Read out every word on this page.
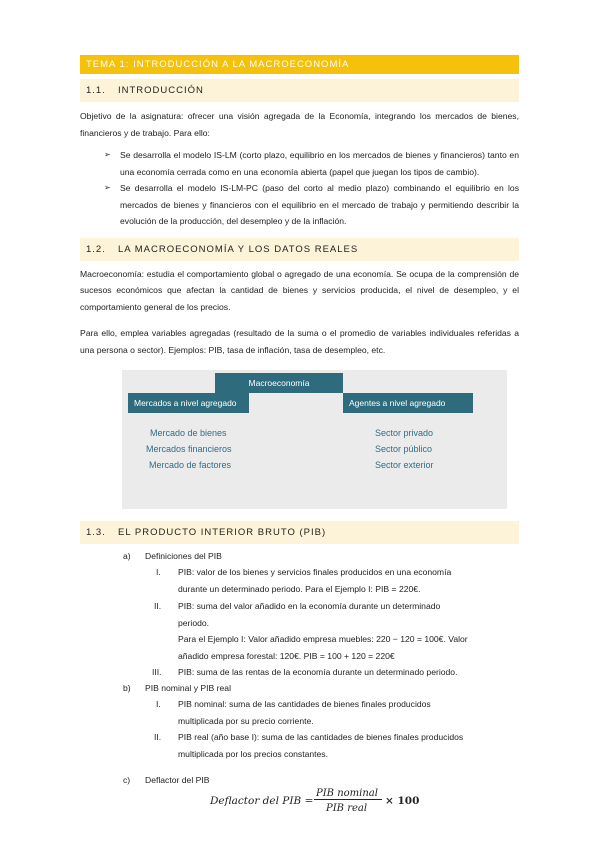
TEMA 1: INTRODUCCIÓN A LA MACROECONOMÍA
1.1. INTRODUCCIÓN

Objetivo de la asignatura: ofrecer una visión agregada de la Economía, integrando los mercados de bienes, financieros y de trabajo. Para ello:

➢ Se desarrolla el modelo IS-LM (corto plazo, equilibrio en los mercados de bienes y financieros) tanto en una economía cerrada como en una economía abierta (papel que juegan los tipos de cambio).
➢ Se desarrolla el modelo IS-LM-PC (paso del corto al medio plazo) combinando el equilibrio en los mercados de bienes y financieros con el equilibrio en el mercado de trabajo y permitiendo describir la evolución de la producción, del desempleo y de la inflación.
1.2. LA MACROECONOMÍA Y LOS DATOS REALES

Macroeconomía: estudia el comportamiento global o agregado de una economía. Se ocupa de la comprensión de sucesos económicos que afectan la cantidad de bienes y servicios producida, el nivel de desempleo, y el comportamiento general de los precios.

Para ello, emplea variables agregadas (resultado de la suma o el promedio de variables individuales referidas a una persona o sector). Ejemplos: PIB, tasa de inflación, tasa de desempleo, etc.

Macroeconomía
Mercados a nivel agregado	Agentes a nivel agregado
Mercado de bienes
Mercados financieros
Mercado de factores
Sector privado
Sector público
Sector exterior
1.3. EL PRODUCTO INTERIOR BRUTO (PIB)
a) Definiciones del PIB
I. PIB: valor de los bienes y servicios finales producidos en una economía
durante un determinado periodo. Para el Ejemplo I: PIB = 220€.
II. PIB: suma del valor añadido en la economía durante un determinado
periodo.
Para el Ejemplo I: Valor añadido empresa muebles: 220 − 120 = 100€. Valor
añadido empresa forestal: 120€. PIB = 100 + 120 = 220€
III. PIB: suma de las rentas de la economía durante un determinado periodo.
b) PIB nominal y PIB real
I. PIB nominal: suma de las cantidades de bienes finales producidos
multiplicada por su precio corriente.
II. PIB real (año base I): suma de las cantidades de bienes finales producidos
multiplicada por los precios constantes.
c) Deflactor del PIB
Deflactor del PIB =
PIB nominal
PIB real
× 100
